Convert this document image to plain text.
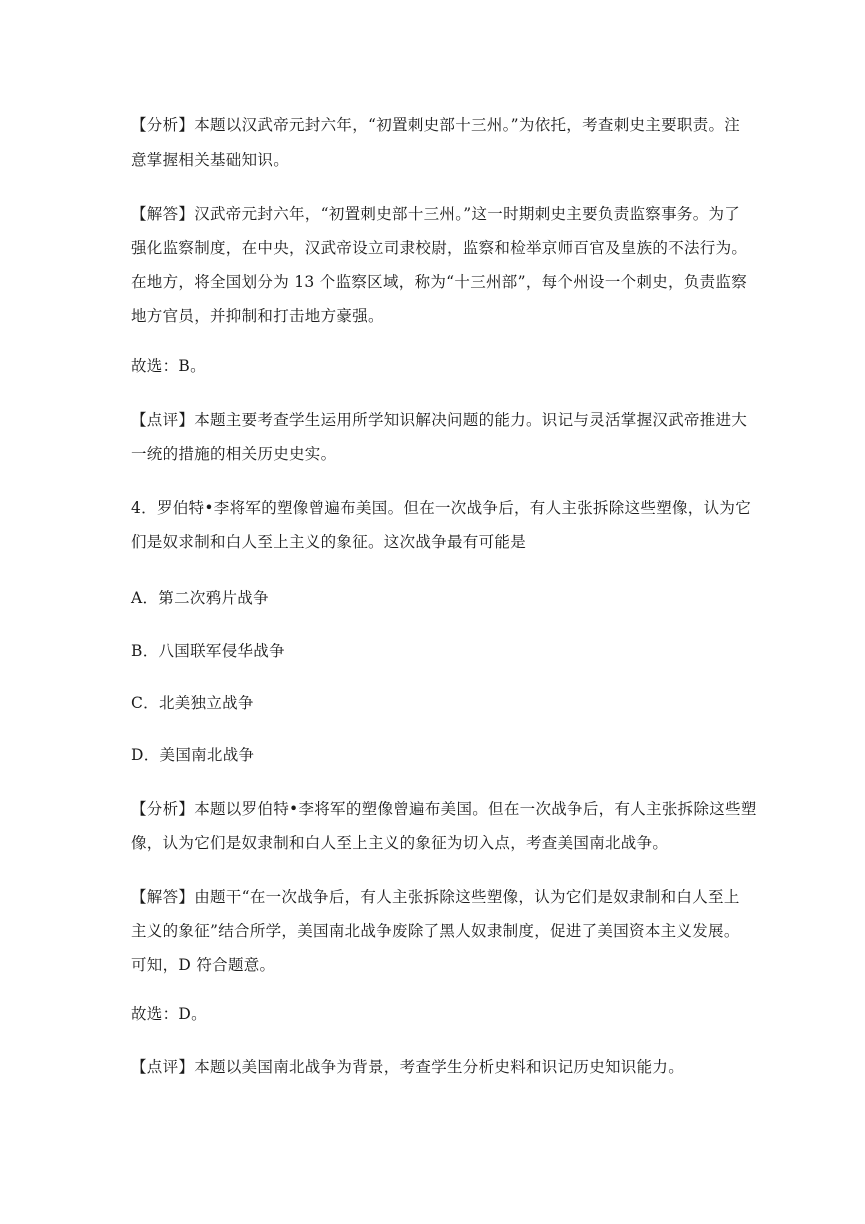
【分析】本题以汉武帝元封六年，“初置刺史部十三州。”为依托，考查刺史主要职责。注
意掌握相关基础知识。
【解答】汉武帝元封六年，“初置刺史部十三州。”这一时期刺史主要负责监察事务。为了
强化监察制度，在中央，汉武帝设立司隶校尉，监察和检举京师百官及皇族的不法行为。
在地方，将全国划分为 13 个监察区域，称为“十三州部”，每个州设一个刺史，负责监察
地方官员，并抑制和打击地方豪强。
故选：B。
【点评】本题主要考查学生运用所学知识解决问题的能力。识记与灵活掌握汉武帝推进大
一统的措施的相关历史史实。
4．罗伯特•李将军的塑像曾遍布美国。但在一次战争后，有人主张拆除这些塑像，认为它
们是奴求制和白人至上主义的象征。这次战争最有可能是
A．第二次鸦片战争
B．八国联军侵华战争
C．北美独立战争
D．美国南北战争
【分析】本题以罗伯特•李将军的塑像曾遍布美国。但在一次战争后，有人主张拆除这些塑
像，认为它们是奴隶制和白人至上主义的象征为切入点，考查美国南北战争。
【解答】由题干“在一次战争后，有人主张拆除这些塑像，认为它们是奴隶制和白人至上
主义的象征”结合所学，美国南北战争废除了黑人奴隶制度，促进了美国资本主义发展。
可知，D 符合题意。
故选：D。
【点评】本题以美国南北战争为背景，考查学生分析史料和识记历史知识能力。
